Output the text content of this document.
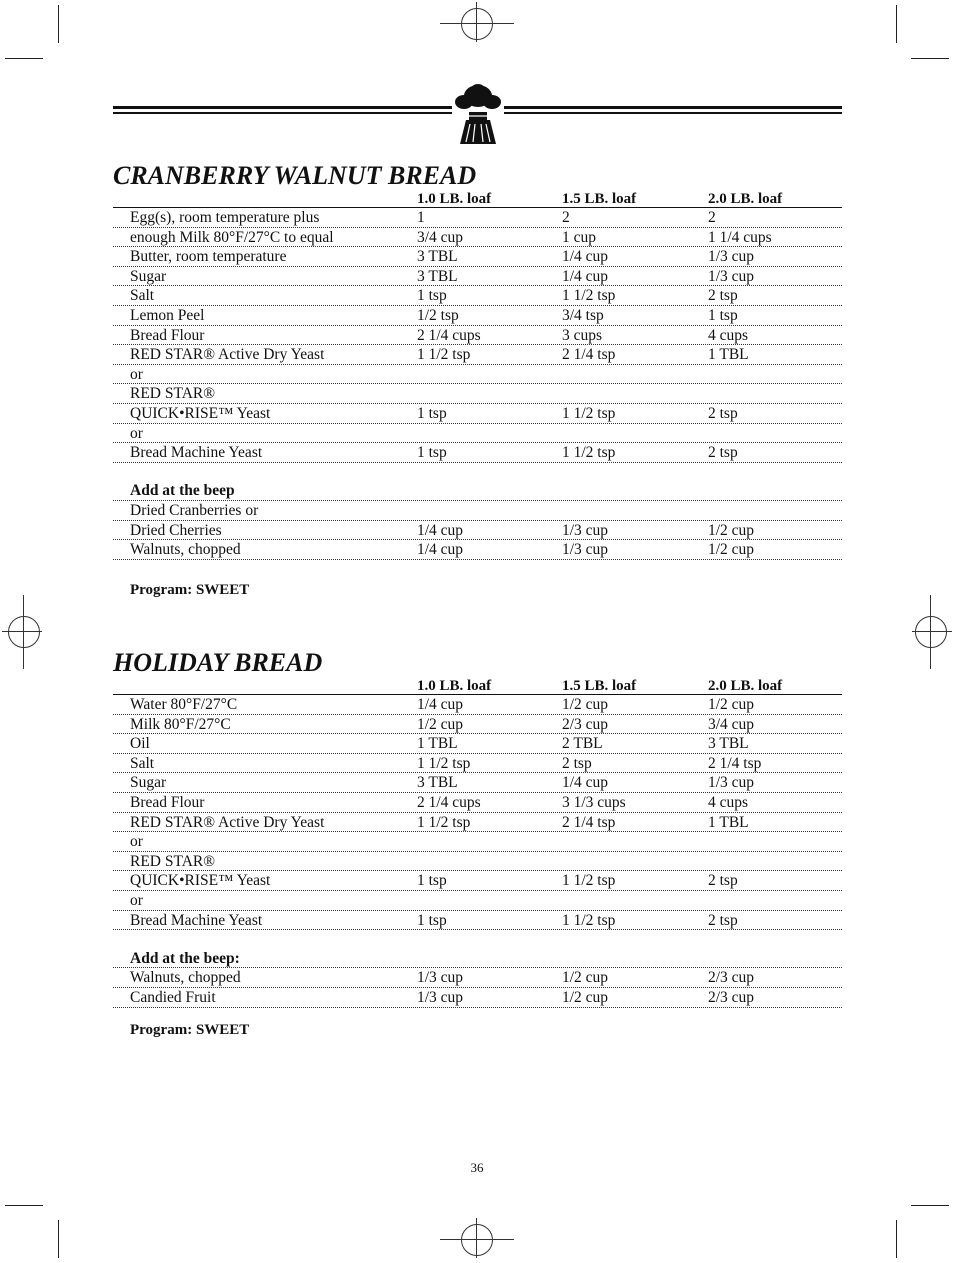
CRANBERRY WALNUT BREAD
1.0 LB. loaf	1.5 LB. loaf	2.0 LB. loaf
Egg(s), room temperature plus	1	2	2
enough Milk 80°F/27°C to equal	3/4 cup	1 cup	1 1/4 cups
Butter, room temperature	3 TBL	1/4 cup	1/3 cup
Sugar	3 TBL	1/4 cup	1/3 cup
Salt	1 tsp	1 1/2 tsp	2 tsp
Lemon Peel	1/2 tsp	3/4 tsp	1 tsp
Bread Flour	2 1/4 cups	3 cups	4 cups
RED STAR® Active Dry Yeast	1 1/2 tsp	2 1/4 tsp	1 TBL
or
RED STAR®
QUICK•RISE™ Yeast	1 tsp	1 1/2 tsp	2 tsp
or
Bread Machine Yeast	1 tsp	1 1/2 tsp	2 tsp
Add at the beep
Dried Cranberries or
Dried Cherries	1/4 cup	1/3 cup	1/2 cup
Walnuts, chopped	1/4 cup	1/3 cup	1/2 cup
Program: SWEET
HOLIDAY BREAD
1.0 LB. loaf	1.5 LB. loaf	2.0 LB. loaf
Water 80°F/27°C	1/4 cup	1/2 cup	1/2 cup
Milk 80°F/27°C	1/2 cup	2/3 cup	3/4 cup
Oil	1 TBL	2 TBL	3 TBL
Salt	1 1/2 tsp	2 tsp	2 1/4 tsp
Sugar	3 TBL	1/4 cup	1/3 cup
Bread Flour	2 1/4 cups	3 1/3 cups	4 cups
RED STAR® Active Dry Yeast	1 1/2 tsp	2 1/4 tsp	1 TBL
or
RED STAR®
QUICK•RISE™ Yeast	1 tsp	1 1/2 tsp	2 tsp
or
Bread Machine Yeast	1 tsp	1 1/2 tsp	2 tsp
Add at the beep:
Walnuts, chopped	1/3 cup	1/2 cup	2/3 cup
Candied Fruit	1/3 cup	1/2 cup	2/3 cup
Program: SWEET
36
